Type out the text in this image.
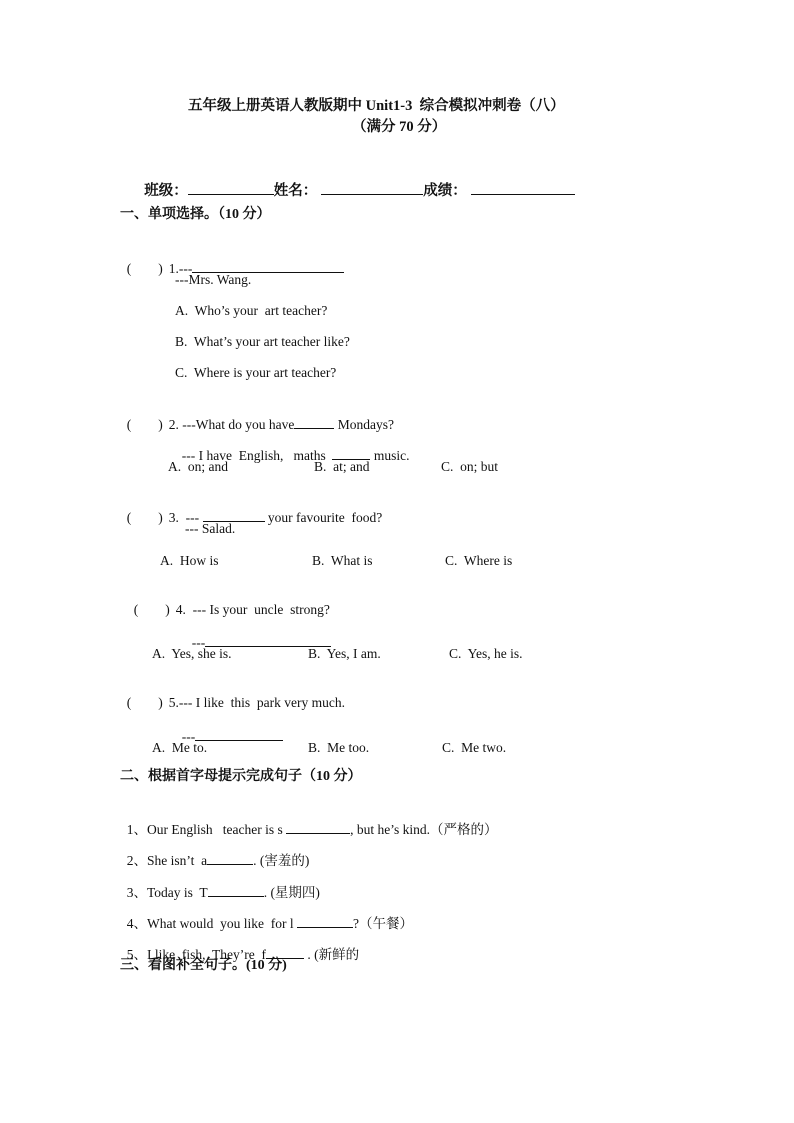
五年级上册英语人教版期中 Unit1-3  综合模拟冲刺卷（八）
（满分 70 分）

班级：	姓名：	成绩：

一、单项选择。（10 分）

(        ) 1.---

---Mrs. Wang.
A.  Who’s your  art teacher?
B.  What’s your art teacher like?
C.  Where is your art teacher?

(        ) 2. ---What do you have	Mondays?

--- I have  English,   maths	music.

A.  on; and	B.  at; and	C.  on; but

(        ) 3.  ---	your favourite  food?

--- Salad.
A.  How is	B.  What is	C.  Where is

(        ) 4.  --- Is your  uncle  strong?

---

A.  Yes, she is.	B.  Yes, I am.	C.  Yes, he is.

(        ) 5.--- I like  this  park very much.

---

A.  Me to.	B.  Me too.	C.  Me two.
二、根据首字母提示完成句子（10 分）

1、Our English   teacher is s	, but he’s kind.（严格的）

2、She isn’t  a	. (害羞的)

3、Today is  T	. (星期四)

4、What would  you like  for l	?（午餐）

5、I like  fish,  They’re  f	. (新鲜的

三、看图补全句子。(10 分)
